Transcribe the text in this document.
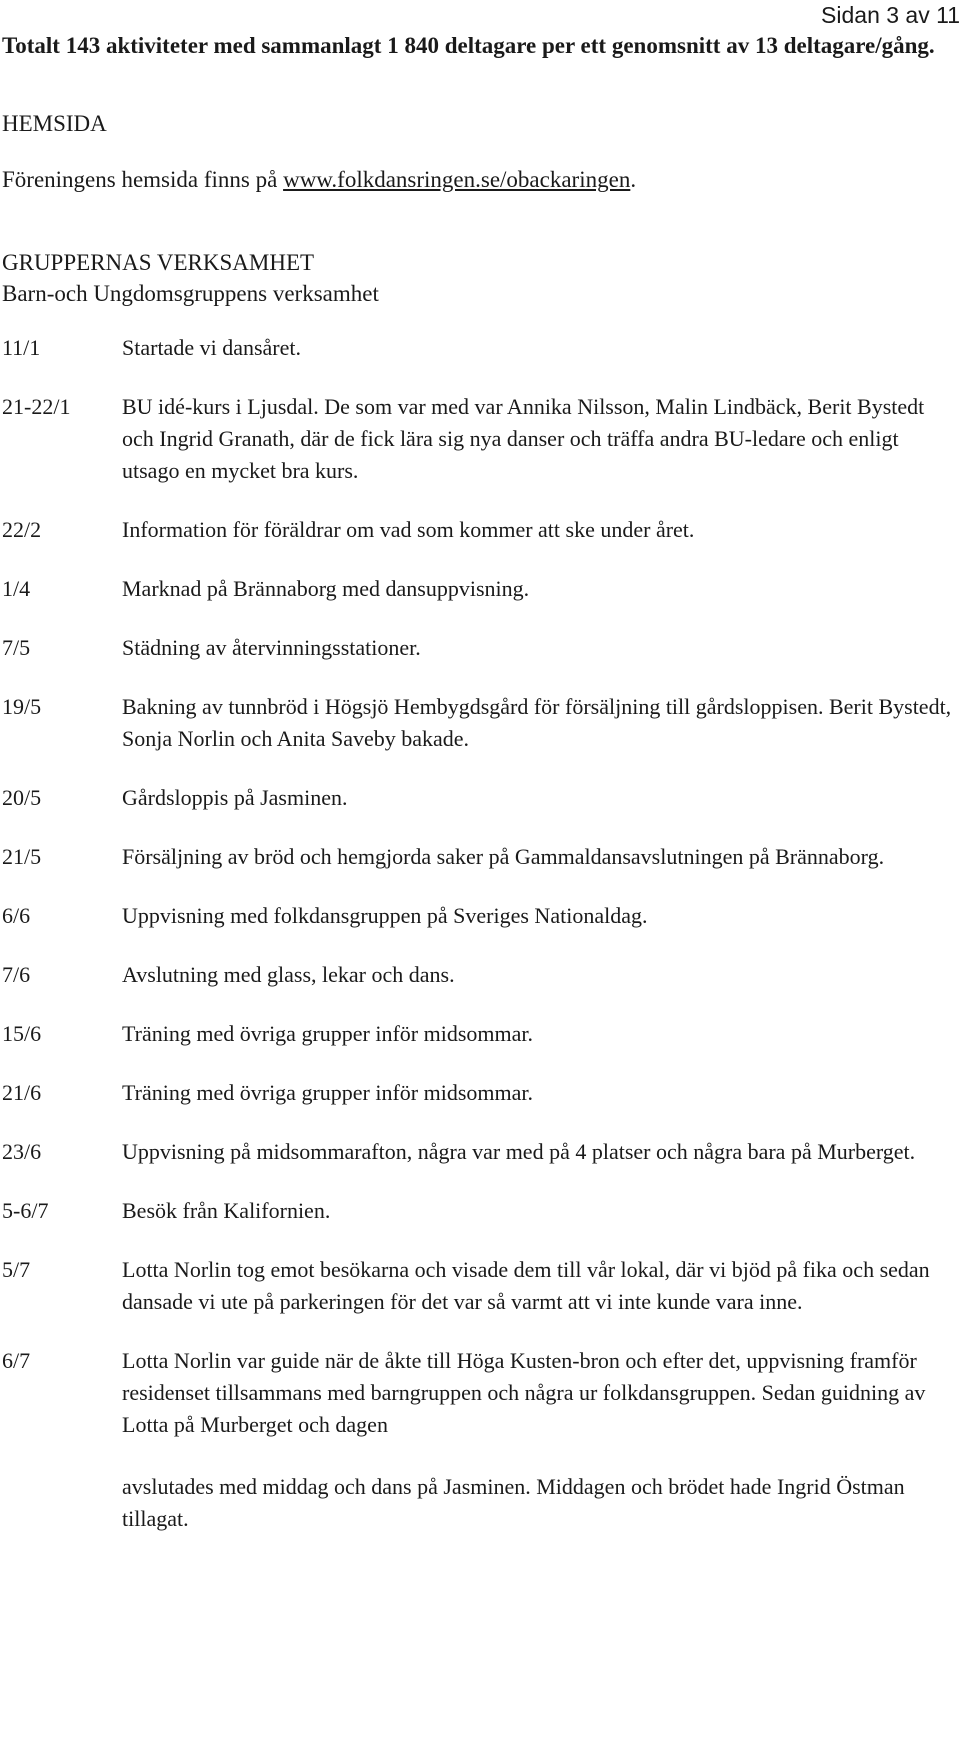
Sidan 3 av 11

Totalt 143 aktiviteter med sammanlagt 1 840 deltagare per ett genomsnitt av 13 deltagare/gång.

HEMSIDA

Föreningens hemsida finns på www.folkdansringen.se/obackaringen.

GRUPPERNAS VERKSAMHET
Barn-och Ungdomsgruppens verksamhet
11/1	Startade vi dansåret.
21-22/1	BU idé-kurs i Ljusdal. De som var med var Annika Nilsson, Malin Lindbäck, Berit Bystedt och Ingrid Granath, där de fick lära sig nya danser och träffa andra BU-ledare och enligt utsago en mycket bra kurs.
22/2	Information för föräldrar om vad som kommer att ske under året.
1/4	Marknad på Brännaborg med dansuppvisning.
7/5	Städning av återvinningsstationer.
19/5	Bakning av tunnbröd i Högsjö Hembygdsgård för försäljning till gårdsloppisen. Berit Bystedt, Sonja Norlin och Anita Saveby bakade.
20/5	Gårdsloppis på Jasminen.
21/5	Försäljning av bröd och hemgjorda saker på Gammaldansavslutningen på Brännaborg.
6/6	Uppvisning med folkdansgruppen på Sveriges Nationaldag.
7/6	Avslutning med glass, lekar och dans.
15/6	Träning med övriga grupper inför midsommar.
21/6	Träning med övriga grupper inför midsommar.
23/6	Uppvisning på midsommarafton, några var med på 4 platser och några bara på Murberget.
5-6/7	Besök från Kalifornien.
5/7	Lotta Norlin tog emot besökarna och visade dem till vår lokal, där vi bjöd på fika och sedan dansade vi ute på parkeringen för det var så varmt att vi inte kunde vara inne.
6/7	Lotta Norlin var guide när de åkte till Höga Kusten-bron och efter det, uppvisning framför residenset tillsammans med barngruppen och några ur folkdansgruppen. Sedan guidning av Lotta på Murberget och dagen

avslutades med middag och dans på Jasminen. Middagen och brödet hade Ingrid Östman tillagat.
